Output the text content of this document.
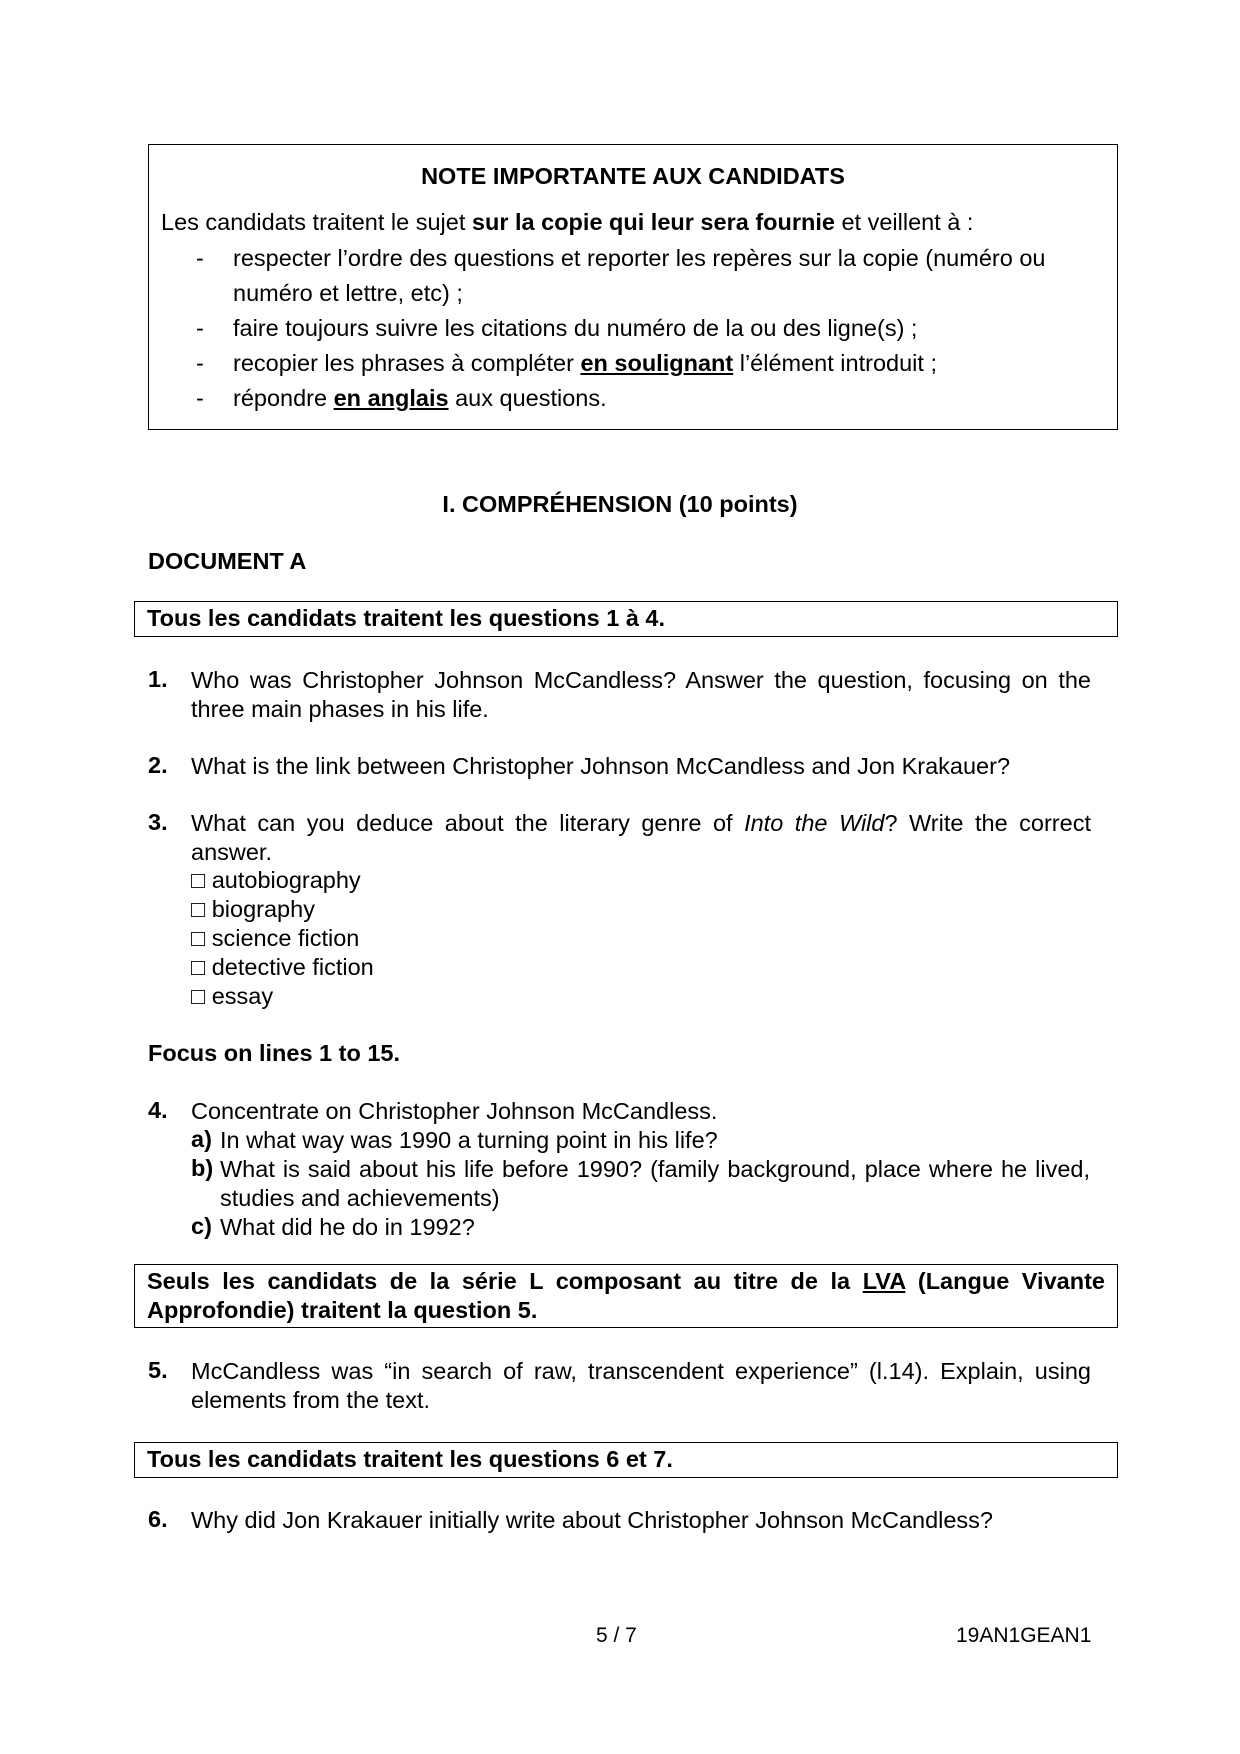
NOTE IMPORTANTE AUX CANDIDATS
Les candidats traitent le sujet sur la copie qui leur sera fournie et veillent à :
- respecter l’ordre des questions et reporter les repères sur la copie (numéro ou
numéro et lettre, etc) ;
- faire toujours suivre les citations du numéro de la ou des ligne(s) ;
- recopier les phrases à compléter en soulignant l’élément introduit ;
- répondre en anglais aux questions.
I. COMPRÉHENSION (10 points)
DOCUMENT A
Tous les candidats traitent les questions 1 à 4.
1. Who was Christopher Johnson McCandless? Answer the question, focusing on the three main phases in his life.
2. What is the link between Christopher Johnson McCandless and Jon Krakauer?
3. What can you deduce about the literary genre of Into the Wild? Write the correct answer.
□ autobiography
□ biography
□ science fiction
□ detective fiction
□ essay
Focus on lines 1 to 15.
4. Concentrate on Christopher Johnson McCandless.
a) In what way was 1990 a turning point in his life?
b) What is said about his life before 1990? (family background, place where he lived, studies and achievements)
c) What did he do in 1992?
Seuls les candidats de la série L composant au titre de la LVA (Langue Vivante Approfondie) traitent la question 5.
5. McCandless was “in search of raw, transcendent experience” (l.14). Explain, using elements from the text.
Tous les candidats traitent les questions 6 et 7.
6. Why did Jon Krakauer initially write about Christopher Johnson McCandless?
5 / 7	19AN1GEAN1
